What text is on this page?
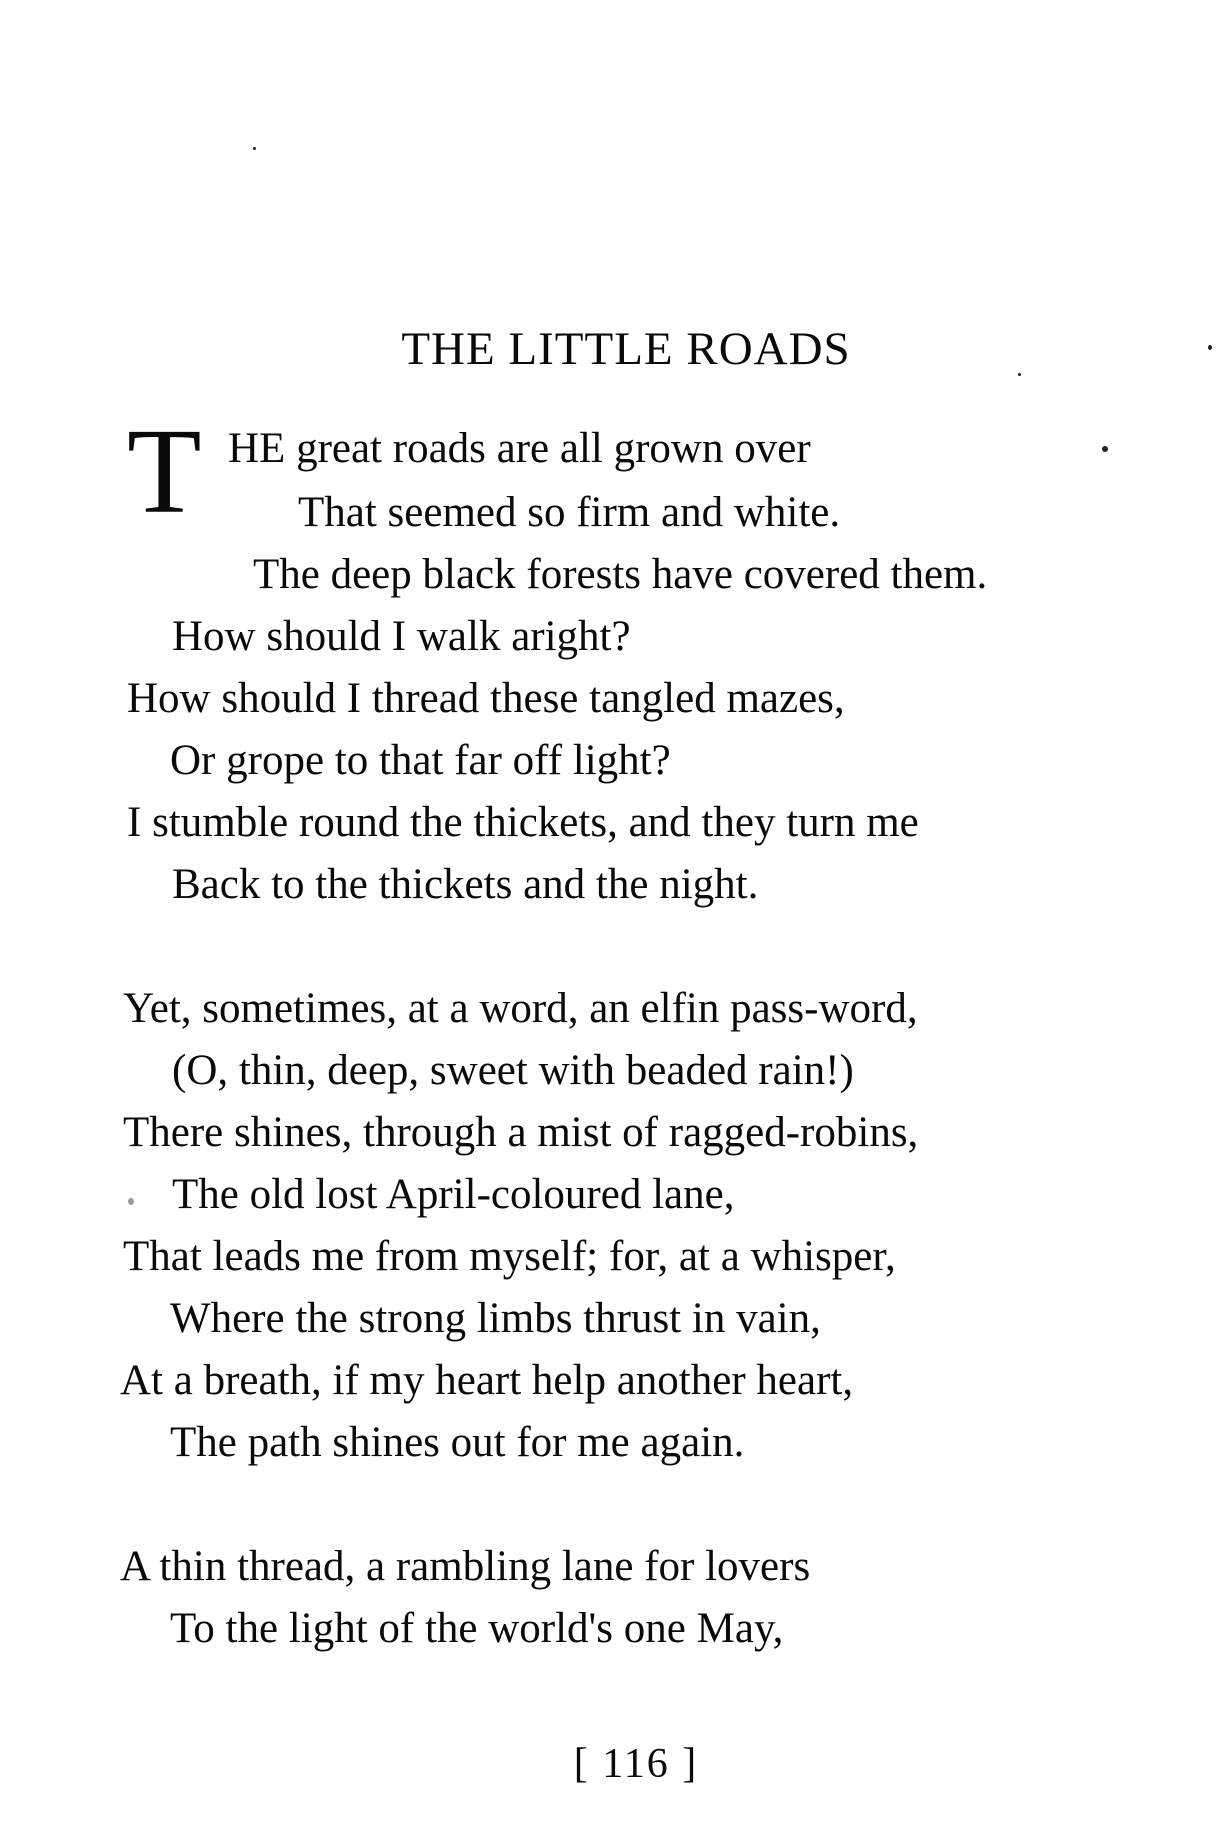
THE LITTLE ROADS
T HE great roads are all grown over
That seemed so firm and white.
The deep black forests have covered them.
How should I walk aright?
How should I thread these tangled mazes,
Or grope to that far off light?
I stumble round the thickets, and they turn me
Back to the thickets and the night.
Yet, sometimes, at a word, an elfin pass-word,
(O, thin, deep, sweet with beaded rain!)
There shines, through a mist of ragged-robins,
The old lost April-coloured lane,
That leads me from myself; for, at a whisper,
Where the strong limbs thrust in vain,
At a breath, if my heart help another heart,
The path shines out for me again.
A thin thread, a rambling lane for lovers
To the light of the world's one May,
[ 116 ]
